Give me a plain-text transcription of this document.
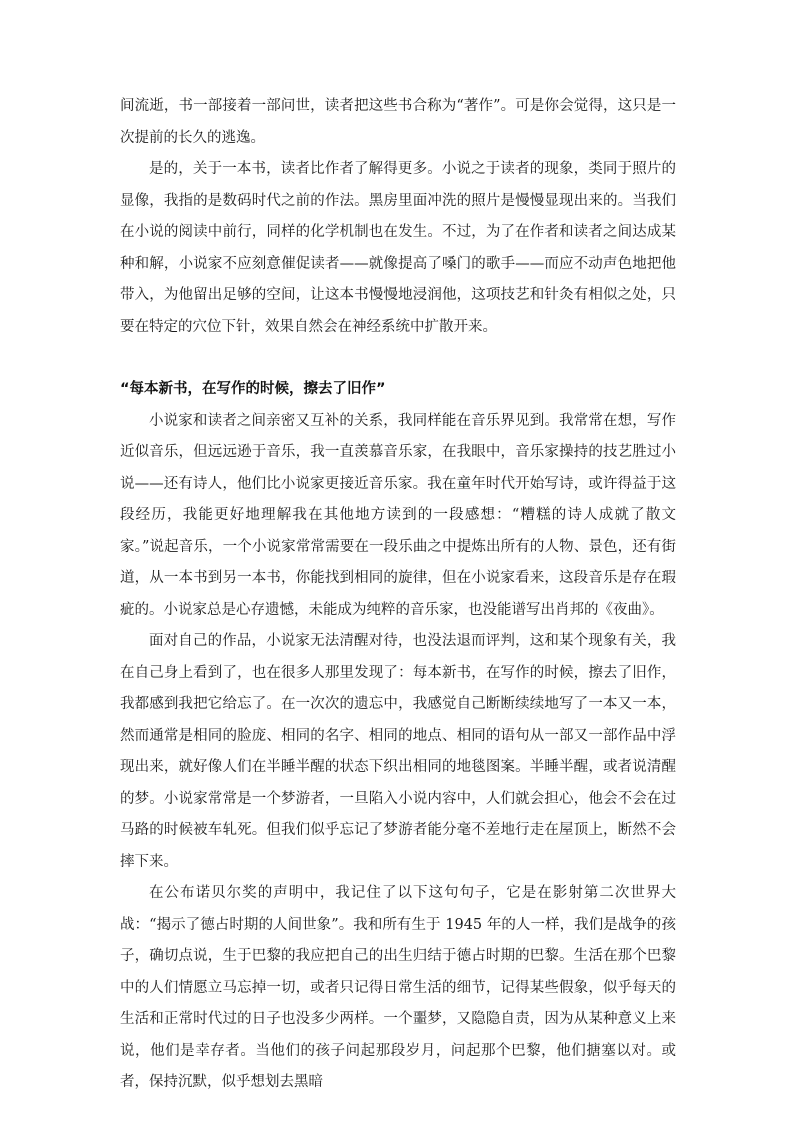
间流逝，书一部接着一部问世，读者把这些书合称为“著作”。可是你会觉得，这只是一次提前的长久的逃逸。

是的，关于一本书，读者比作者了解得更多。小说之于读者的现象，类同于照片的显像，我指的是数码时代之前的作法。黑房里面冲洗的照片是慢慢显现出来的。当我们在小说的阅读中前行，同样的化学机制也在发生。不过，为了在作者和读者之间达成某种和解，小说家不应刻意催促读者——就像提高了嗓门的歌手——而应不动声色地把他带入，为他留出足够的空间，让这本书慢慢地浸润他，这项技艺和针灸有相似之处，只要在特定的穴位下针，效果自然会在神经系统中扩散开来。

“每本新书，在写作的时候，擦去了旧作”

小说家和读者之间亲密又互补的关系，我同样能在音乐界见到。我常常在想，写作近似音乐，但远远逊于音乐，我一直羡慕音乐家，在我眼中，音乐家操持的技艺胜过小说——还有诗人，他们比小说家更接近音乐家。我在童年时代开始写诗，或许得益于这段经历，我能更好地理解我在其他地方读到的一段感想：“糟糕的诗人成就了散文家。”说起音乐，一个小说家常常需要在一段乐曲之中提炼出所有的人物、景色，还有街道，从一本书到另一本书，你能找到相同的旋律，但在小说家看来，这段音乐是存在瑕疵的。小说家总是心存遗憾，未能成为纯粹的音乐家，也没能谱写出肖邦的《夜曲》。

面对自己的作品，小说家无法清醒对待，也没法退而评判，这和某个现象有关，我在自己身上看到了，也在很多人那里发现了：每本新书，在写作的时候，擦去了旧作，我都感到我把它给忘了。在一次次的遗忘中，我感觉自己断断续续地写了一本又一本，然而通常是相同的脸庞、相同的名字、相同的地点、相同的语句从一部又一部作品中浮现出来，就好像人们在半睡半醒的状态下织出相同的地毯图案。半睡半醒，或者说清醒的梦。小说家常常是一个梦游者，一旦陷入小说内容中，人们就会担心，他会不会在过马路的时候被车轧死。但我们似乎忘记了梦游者能分毫不差地行走在屋顶上，断然不会摔下来。

在公布诺贝尔奖的声明中，我记住了以下这句句子，它是在影射第二次世界大战：“揭示了德占时期的人间世象”。我和所有生于 1945 年的人一样，我们是战争的孩子，确切点说，生于巴黎的我应把自己的出生归结于德占时期的巴黎。生活在那个巴黎中的人们情愿立马忘掉一切，或者只记得日常生活的细节，记得某些假象，似乎每天的生活和正常时代过的日子也没多少两样。一个噩梦，又隐隐自责，因为从某种意义上来说，他们是幸存者。当他们的孩子问起那段岁月，问起那个巴黎，他们搪塞以对。或者，保持沉默，似乎想划去黑暗
